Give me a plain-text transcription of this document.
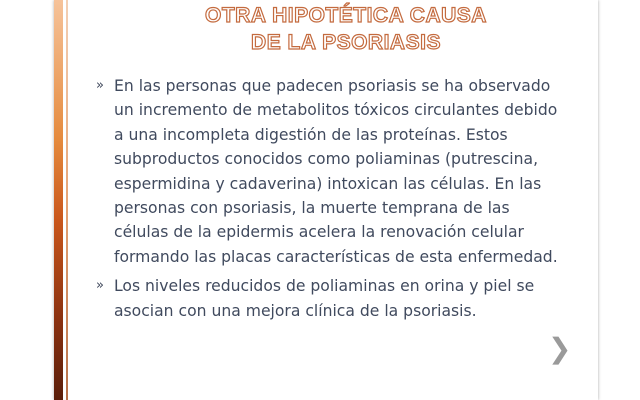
OTRA HIPOTÉTICA CAUSA
DE LA PSORIASIS
» En las personas que padecen psoriasis se ha observado un incremento de metabolitos tóxicos circulantes debido a una incompleta digestión de las proteínas. Estos subproductos conocidos como poliaminas (putrescina, espermidina y cadaverina) intoxican las células. En las personas con psoriasis, la muerte temprana de las células de la epidermis acelera la renovación celular formando las placas características de esta enfermedad.
» Los niveles reducidos de poliaminas en orina y piel se asocian con una mejora clínica de la psoriasis.
❯
